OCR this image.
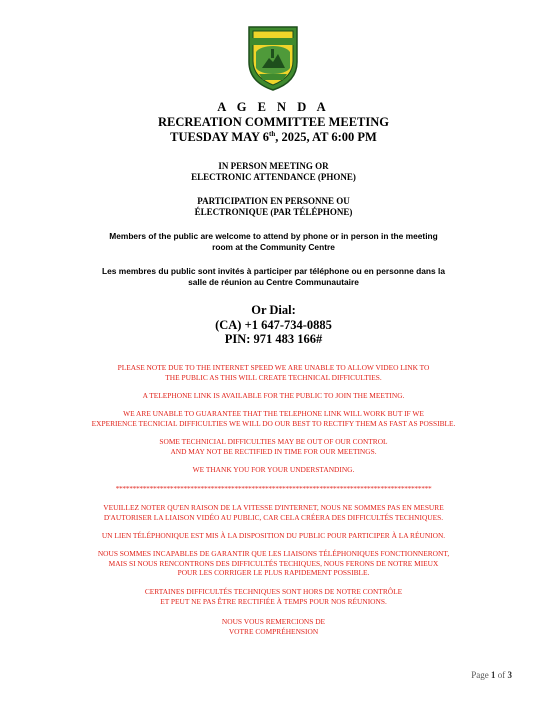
A G E N D A
RECREATION COMMITTEE MEETING
TUESDAY MAY 6th, 2025, AT 6:00 PM
IN PERSON MEETING OR
ELECTRONIC ATTENDANCE (PHONE)
PARTICIPATION EN PERSONNE OU
ÉLECTRONIQUE (PAR TÉLÉPHONE)
Members of the public are welcome to attend by phone or in person in the meeting
room at the Community Centre
Les membres du public sont invités à participer par téléphone ou en personne dans la
salle de réunion au Centre Communautaire
Or Dial:
(CA) +1 647-734-0885
PIN: 971 483 166#
PLEASE NOTE DUE TO THE INTERNET SPEED WE ARE UNABLE TO ALLOW VIDEO LINK TO
THE PUBLIC AS THIS WILL CREATE TECHNICAL DIFFICULTIES.
A TELEPHONE LINK IS AVAILABLE FOR THE PUBLIC TO JOIN THE MEETING.
WE ARE UNABLE TO GUARANTEE THAT THE TELEPHONE LINK WILL WORK BUT IF WE
EXPERIENCE TECNICIAL DIFFICULTIES WE WILL DO OUR BEST TO RECTIFY THEM AS FAST AS POSSIBLE.
SOME TECHNICIAL DIFFICULTIES MAY BE OUT OF OUR CONTROL
AND MAY NOT BE RECTIFIED IN TIME FOR OUR MEETINGS.
WE THANK YOU FOR YOUR UNDERSTANDING.
*********************************************************************************************
VEUILLEZ NOTER QU'EN RAISON DE LA VITESSE D'INTERNET, NOUS NE SOMMES PAS EN MESURE
D'AUTORISER LA LIAISON VIDÉO AU PUBLIC, CAR CELA CRÉERA DES DIFFICULTÉS TECHNIQUES.
UN LIEN TÉLÉPHONIQUE EST MIS À LA DISPOSITION DU PUBLIC POUR PARTICIPER À LA RÉUNION.
NOUS SOMMES INCAPABLES DE GARANTIR QUE LES LIAISONS TÉLÉPHONIQUES FONCTIONNERONT,
MAIS SI NOUS RENCONTRONS DES DIFFICULTÉS TECHIQUES, NOUS FERONS DE NOTRE MIEUX
POUR LES CORRIGER LE PLUS RAPIDEMENT POSSIBLE.
CERTAINES DIFFICULTÉS TECHNIQUES SONT HORS DE NOTRE CONTRÔLE
ET PEUT NE PAS ÊTRE RECTIFIÉE À TEMPS POUR NOS RÉUNIONS.
NOUS VOUS REMERCIONS DE
VOTRE COMPRÉHENSION
Page 1 of 3
